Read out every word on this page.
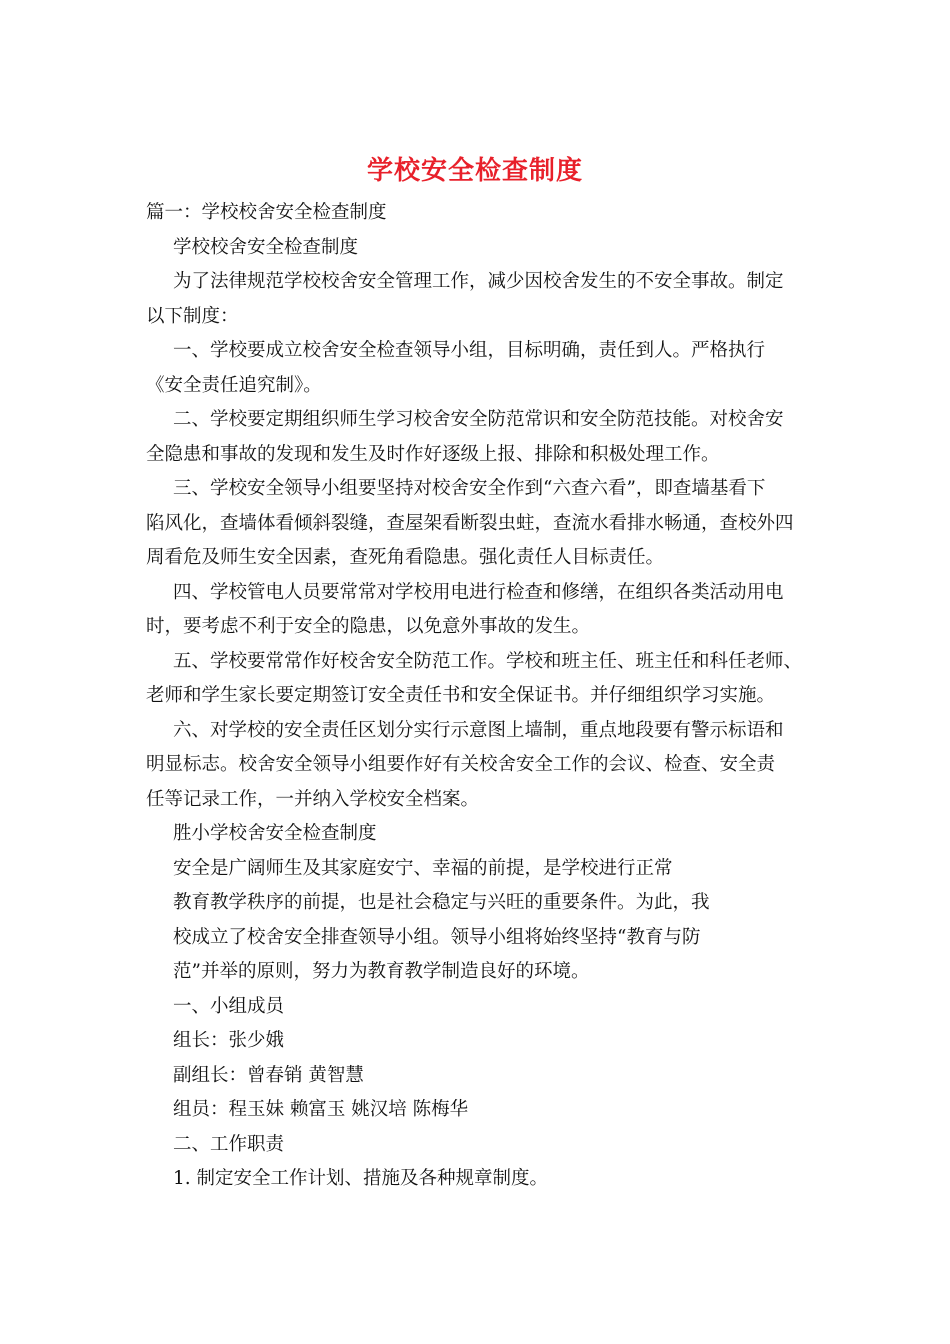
学校安全检查制度
篇一：学校校舍安全检查制度
学校校舍安全检查制度
为了法律规范学校校舍安全管理工作，减少因校舍发生的不安全事故。制定
以下制度：
一、学校要成立校舍安全检查领导小组，目标明确，责任到人。严格执行
《安全责任追究制》。
二、学校要定期组织师生学习校舍安全防范常识和安全防范技能。对校舍安
全隐患和事故的发现和发生及时作好逐级上报、排除和积极处理工作。
三、学校安全领导小组要坚持对校舍安全作到“六查六看”，即查墙基看下
陷风化，查墙体看倾斜裂缝，查屋架看断裂虫蛀，查流水看排水畅通，查校外四
周看危及师生安全因素，查死角看隐患。强化责任人目标责任。
四、学校管电人员要常常对学校用电进行检查和修缮，在组织各类活动用电
时，要考虑不利于安全的隐患，以免意外事故的发生。
五、学校要常常作好校舍安全防范工作。学校和班主任、班主任和科任老师、
老师和学生家长要定期签订安全责任书和安全保证书。并仔细组织学习实施。
六、对学校的安全责任区划分实行示意图上墙制，重点地段要有警示标语和
明显标志。校舍安全领导小组要作好有关校舍安全工作的会议、检查、安全责
任等记录工作，一并纳入学校安全档案。
胜小学校舍安全检查制度
安全是广阔师生及其家庭安宁、幸福的前提，是学校进行正常
教育教学秩序的前提，也是社会稳定与兴旺的重要条件。为此，我
校成立了校舍安全排查领导小组。领导小组将始终坚持“教育与防
范”并举的原则，努力为教育教学制造良好的环境。
一、小组成员
组长：张少娥
副组长：曾春销 黄智慧
组员：程玉妹 赖富玉 姚汉培 陈梅华
二、工作职责
1. 制定安全工作计划、措施及各种规章制度。
